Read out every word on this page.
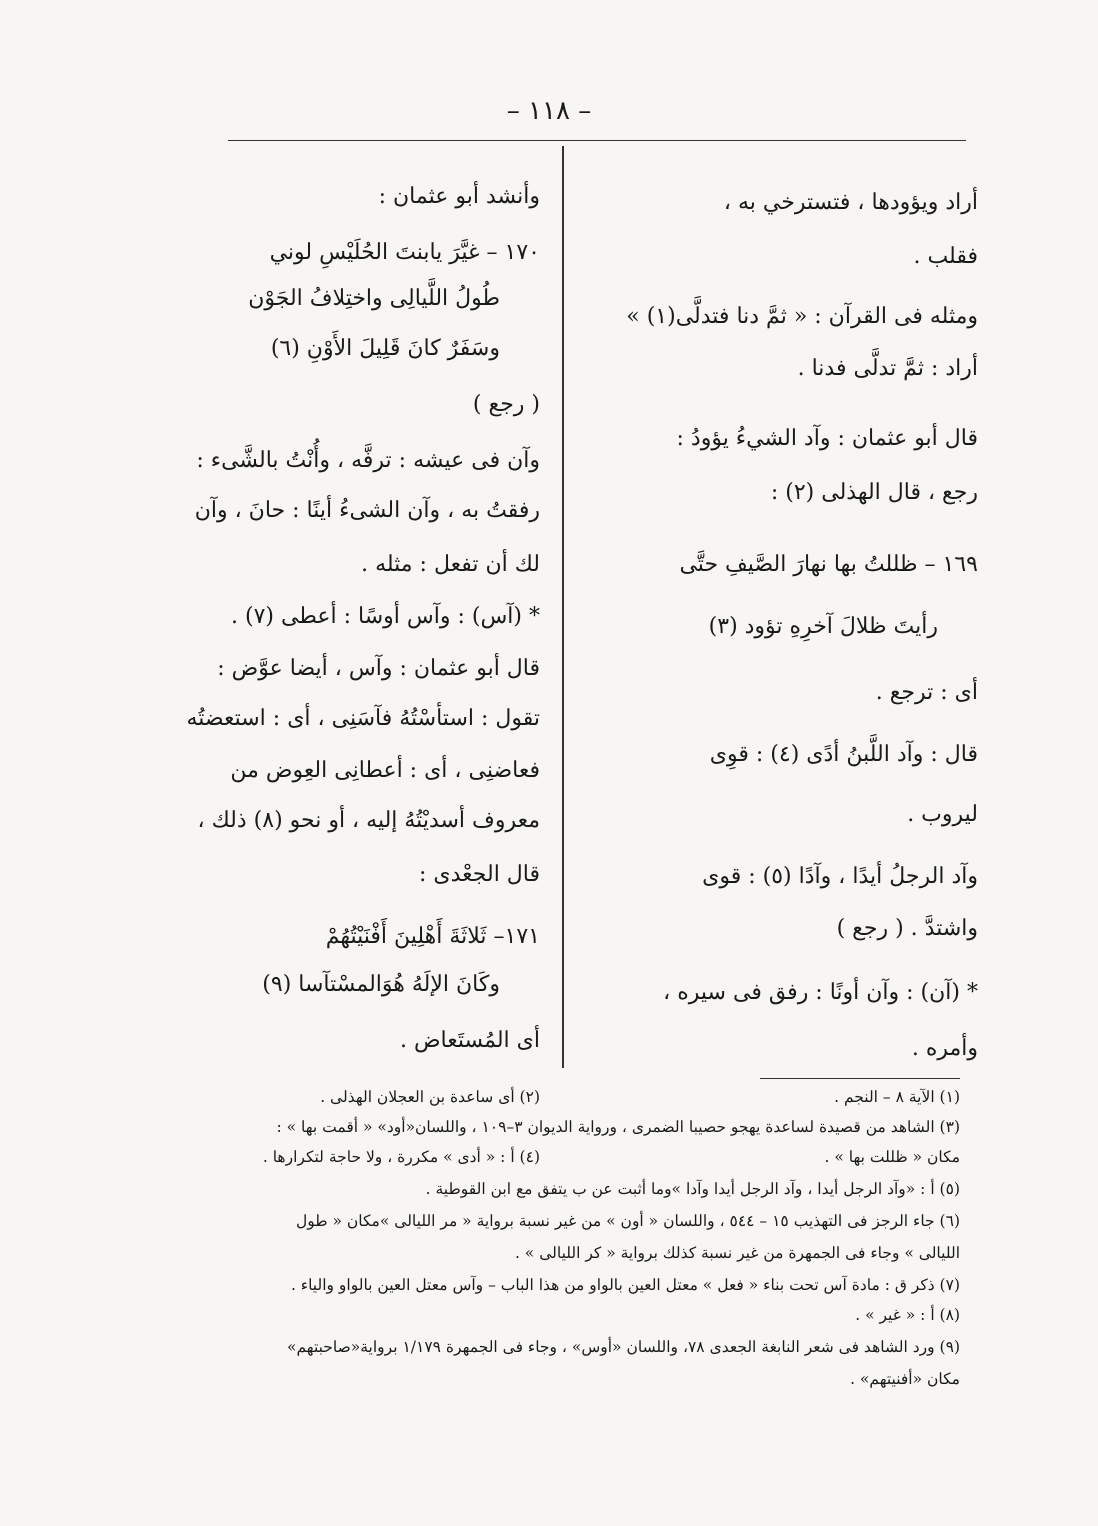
– ١١٨ –
أراد ويؤودها ، فتسترخي به ،
فقلب .
ومثله فى القرآن : « ثمَّ دنا فتدلَّى(١) »
أراد : ثمَّ تدلَّى فدنا .
قال أبو عثمان : وآد الشيءُ يؤودُ :
رجع ، قال الهذلى (٢) :
١٦٩ – ظللتُ بها نهارَ الصَّيفِ حتَّى
رأيتَ ظلالَ آخرِهِ تؤود (٣)
أى : ترجع .
قال : وآد اللَّبنُ أدًى (٤) : قوِى
ليروب .
وآد الرجلُ أيدًا ، وآدًا (٥) : قوى
واشتدَّ . ( رجع )
* (آن) : وآن أونًا : رفق فى سيره ،
وأمره .
وأنشد أبو عثمان :
١٧٠ – غيَّرَ يابنتَ الحُلَيْسِ لوني
طُولُ اللَّيالِى واختِلافُ الجَوْن
وسَفَرٌ كانَ قَلِيلَ الأَوْنِ (٦)
( رجع )
وآن فى عيشه : ترفَّه ، وأُنْتُ بالشَّىء :
رفقتُ به ، وآن الشىءُ أينًا : حانَ ، وآن
لك أن تفعل : مثله .
* (آس) : وآس أوسًا : أعطى (٧) .
قال أبو عثمان : وآس ، أيضا عوَّض :
تقول : استأسْتُهُ فآسَنِى ، أى : استعضتُه
فعاضنِى ، أى : أعطانِى العِوض من
معروف أسديْتُهُ إليه ، أو نحو (٨) ذلك ،
قال الجعْدى :
١٧١– ثَلاثَةَ أَهْلِينَ أَفْنَيْتُهُمْ
وكَانَ الإلَهُ هُوَالمسْتآسا (٩)
أى المُستَعاض .
(١) الآية ٨ – النجم .
(٢) أى ساعدة بن العجلان الهذلى .
(٣) الشاهد من قصيدة لساعدة يهجو حصيبا الضمرى ، ورواية الديوان ٣–١٠٩ ، واللسان«أود» « أقمت بها » :
مكان « ظللت بها » .
(٤) أ : « أدى » مكررة ، ولا حاجة لتكرارها .
(٥) أ : «وآد الرجل أيدا ، وآد الرجل أيدا وآدا »وما أثبت عن ب يتفق مع ابن القوطية .
(٦) جاء الرجز فى التهذيب ١٥ – ٥٤٤ ، واللسان « أون » من غير نسبة برواية « مر الليالى »مكان « طول
الليالى » وجاء فى الجمهرة من غير نسبة كذلك برواية « كر الليالى » .
(٧) ذكر ق : مادة آس تحت بناء « فعل » معتل العين بالواو من هذا الباب – وآس معتل العين بالواو والياء .
(٨) أ : « غير » .
(٩) ورد الشاهد فى شعر النابغة الجعدى ٧٨، واللسان «أوس» ، وجاء فى الجمهرة ١/١٧٩ برواية«صاحبتهم»
مكان «أفنيتهم» .
